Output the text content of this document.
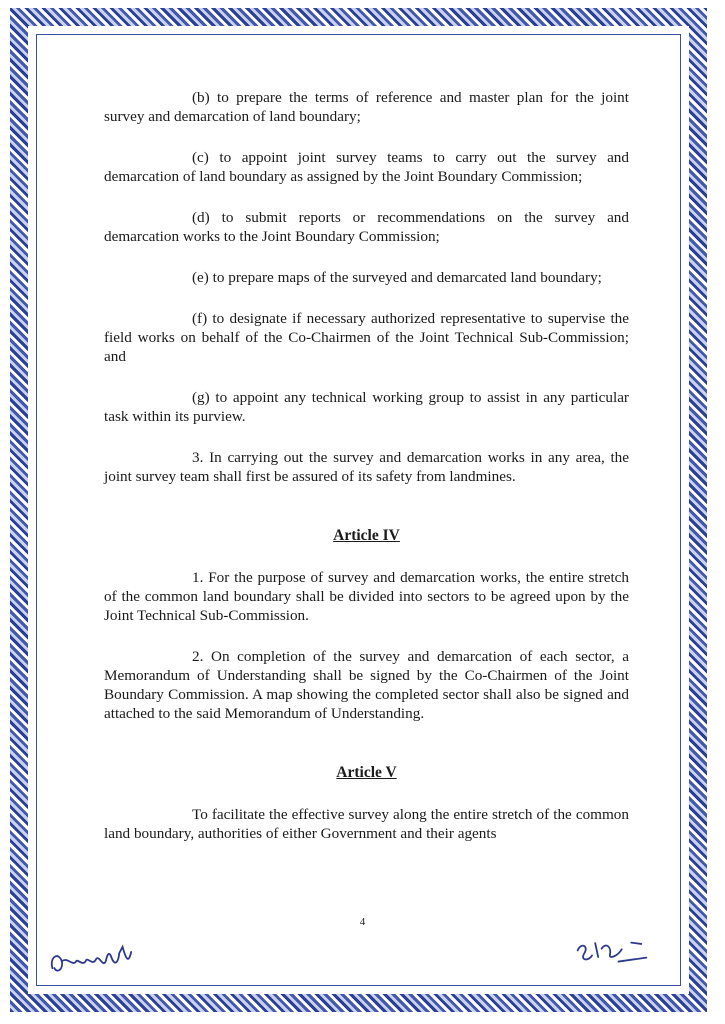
(b) to prepare the terms of reference and master plan for the joint survey and demarcation of land boundary;

(c) to appoint joint survey teams to carry out the survey and demarcation of land boundary as assigned by the Joint Boundary Commission;

(d) to submit reports or recommendations on the survey and demarcation works to the Joint Boundary Commission;

(e) to prepare maps of the surveyed and demarcated land boundary;

(f) to designate if necessary authorized representative to supervise the field works on behalf of the Co-Chairmen of the Joint Technical Sub-Commission; and

(g) to appoint any technical working group to assist in any particular task within its purview.

3. In carrying out the survey and demarcation works in any area, the joint survey team shall first be assured of its safety from landmines.

Article IV

1. For the purpose of survey and demarcation works, the entire stretch of the common land boundary shall be divided into sectors to be agreed upon by the Joint Technical Sub-Commission.

2. On completion of the survey and demarcation of each sector, a Memorandum of Understanding shall be signed by the Co-Chairmen of the Joint Boundary Commission. A map showing the completed sector shall also be signed and attached to the said Memorandum of Understanding.

Article V

To facilitate the effective survey along the entire stretch of the common land boundary, authorities of either Government and their agents

4
